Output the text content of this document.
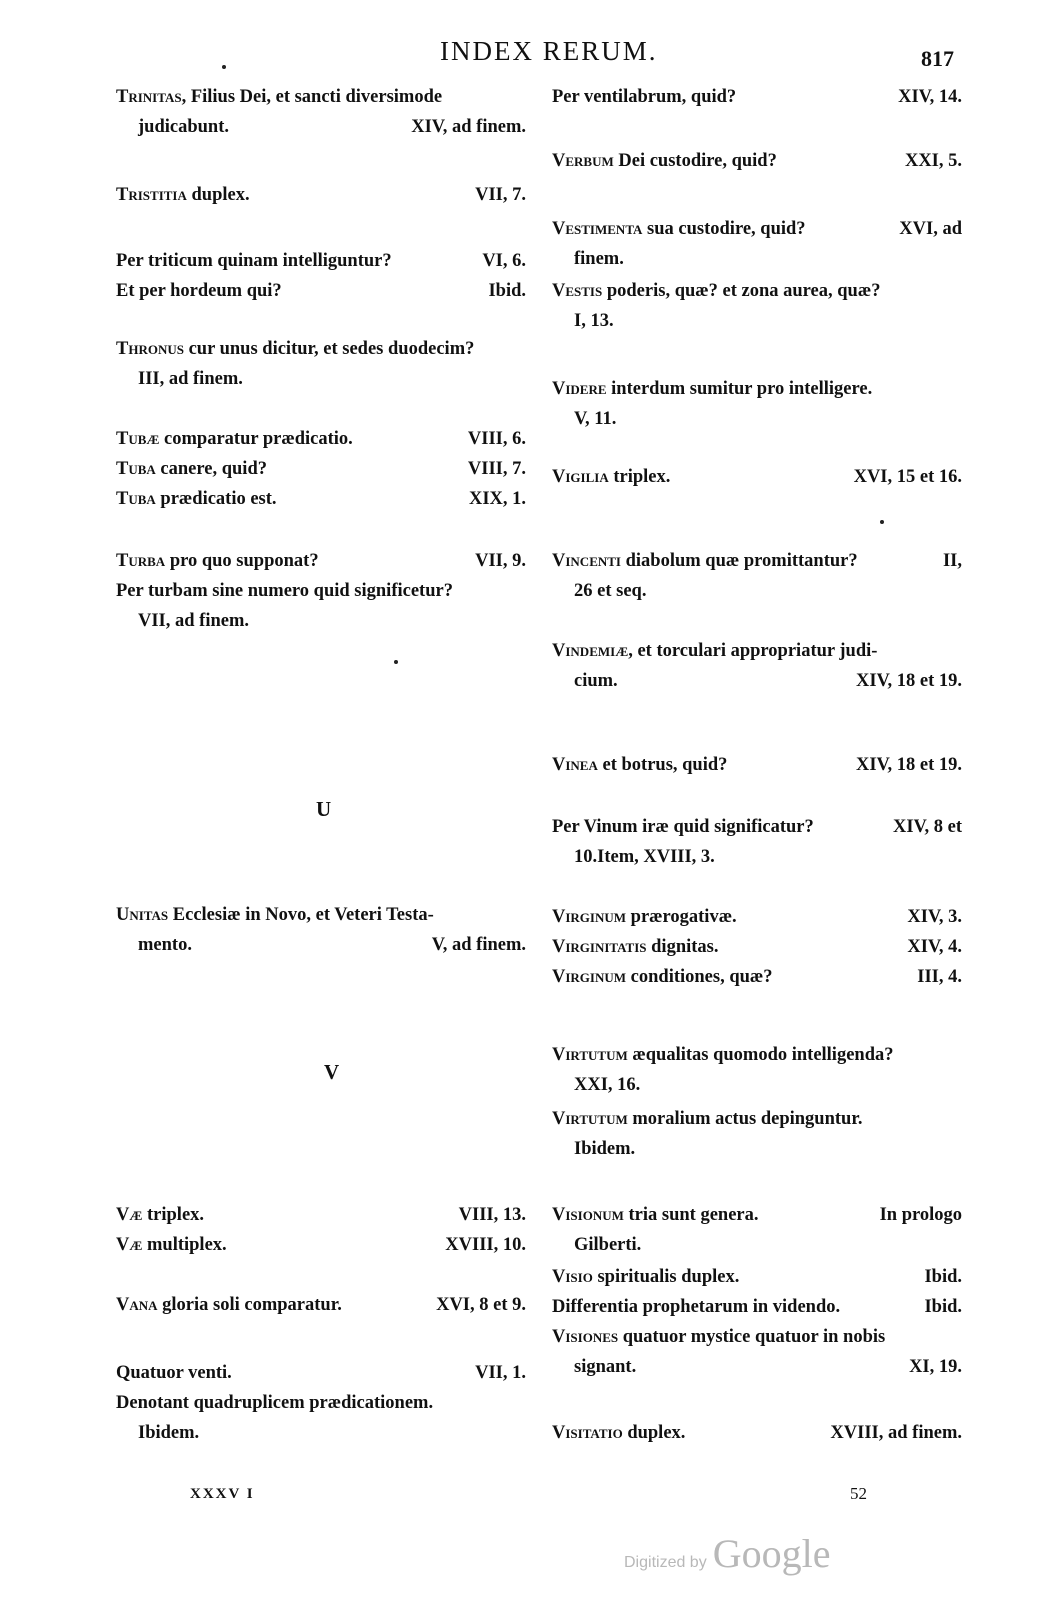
INDEX RERUM.	817
Trinitas, Filius Dei, et sancti diversimode
judicabunt.	XIV, ad finem.
Tristitia duplex.	VII, 7.
Per triticum quinam intelliguntur?	VI, 6.
Et per hordeum qui?	Ibid.
Thronus cur unus dicitur, et sedes duodecim?
III, ad finem.
Tubæ comparatur prædicatio.	VIII, 6.
Tuba canere, quid?	VIII, 7.
Tuba prædicatio est.	XIX, 1.
Turba pro quo supponat?	VII, 9.
Per turbam sine numero quid significetur?
VII, ad finem.
Unitas Ecclesiæ in Novo, et Veteri Testa-
mento.	V, ad finem.
Væ triplex.	VIII, 13.
Væ multiplex.	XVIII, 10.
Vana gloria soli comparatur.	XVI, 8 et 9.
Quatuor venti.	VII, 1.
Denotant quadruplicem prædicationem.
Ibidem.
Per ventilabrum, quid?	XIV, 14.
Verbum Dei custodire, quid?	XXI, 5.
Vestimenta sua custodire, quid?	XVI, ad
finem.
Vestis poderis, quæ? et zona aurea, quæ?
I, 13.
Videre interdum sumitur pro intelligere.
V, 11.
Vigilia triplex.	XVI, 15 et 16.
Vincenti diabolum quæ promittantur?	II,
26 et seq.
Vindemiæ, et torculari appropriatur judi-
cium.	XIV, 18 et 19.
Vinea et botrus, quid?	XIV, 18 et 19.
Per Vinum iræ quid significatur?	XIV, 8 et
10.Item, XVIII, 3.
Virginum prærogativæ.	XIV, 3.
Virginitatis dignitas.	XIV, 4.
Virginum conditiones, quæ?	III, 4.
Virtutum æqualitas quomodo intelligenda?
XXI, 16.
Virtutum moralium actus depinguntur.
Ibidem.
Visionum tria sunt genera.	In prologo
Gilberti.
Visio spiritualis duplex.	Ibid.
Differentia prophetarum in videndo.	Ibid.
Visiones quatuor mystice quatuor in nobis
signant.	XI, 19.
Visitatio duplex.	XVIII, ad finem.
U
V
XXXV I	52
Digitized by Google
